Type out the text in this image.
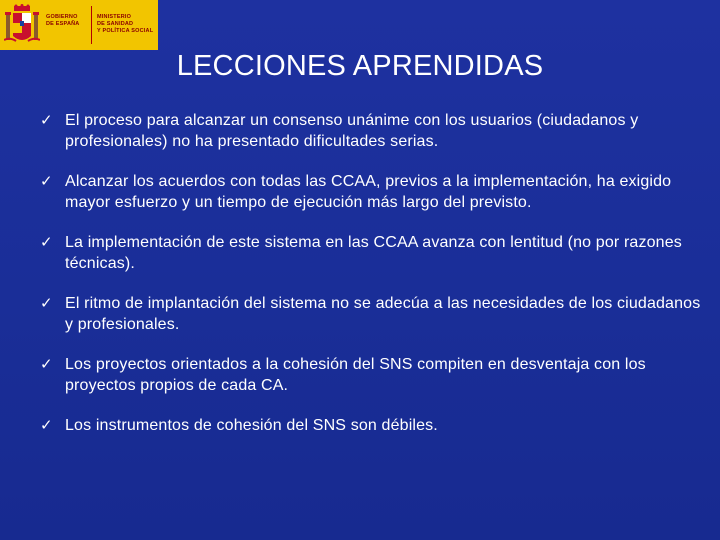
GOBIERNO
DE ESPAÑA
MINISTERIO
DE SANIDAD
Y POLÍTICA SOCIAL
LECCIONES APRENDIDAS
✓ El proceso para alcanzar un consenso unánime con los usuarios (ciudadanos y profesionales) no ha presentado dificultades serias.
✓ Alcanzar los acuerdos con todas las CCAA, previos a la implementación, ha exigido mayor esfuerzo y un tiempo de ejecución más largo del previsto.
✓ La implementación de este sistema en las CCAA avanza con lentitud (no por razones técnicas).
✓ El ritmo de implantación del sistema no se adecúa a las necesidades de los ciudadanos y profesionales.
✓ Los proyectos orientados a la cohesión del SNS compiten en desventaja con los proyectos propios de cada CA.
✓ Los instrumentos de cohesión del SNS son débiles.
